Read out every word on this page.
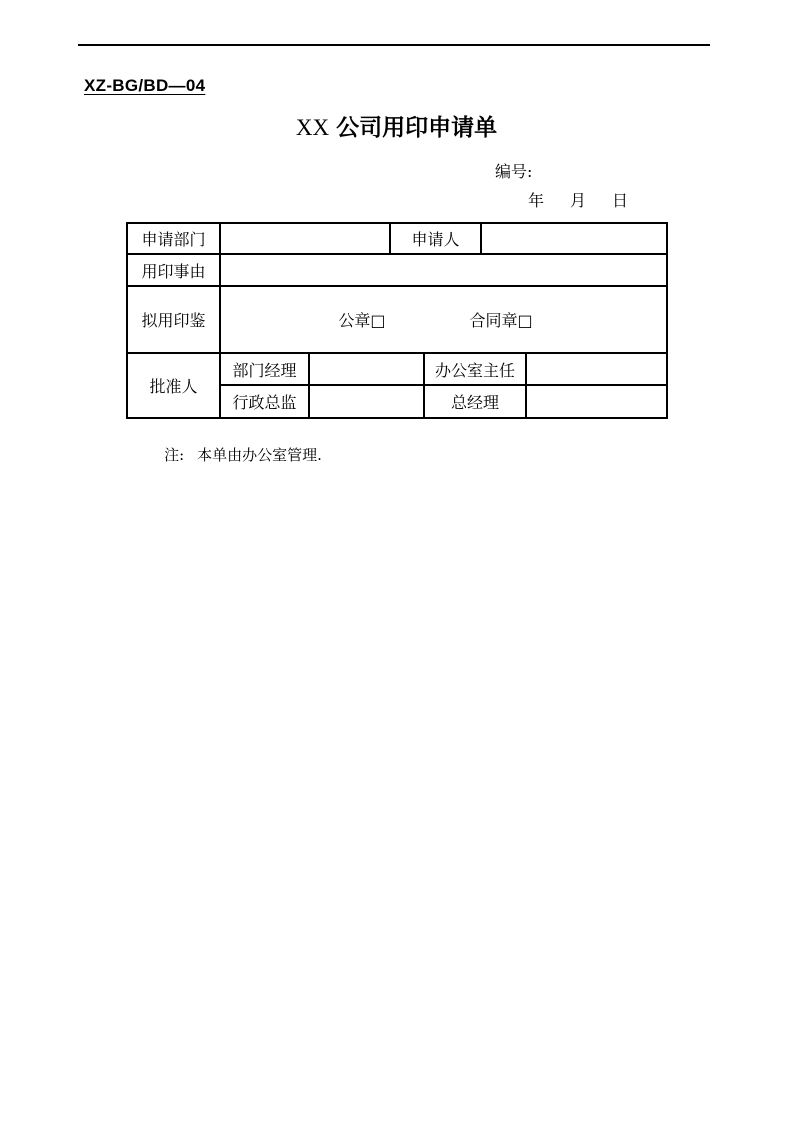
XZ-BG/BD—04
XX 公司用印申请单
编号:
年 月 日
申请部门			申请人			
用印事由						
拟用印鉴	公章□ 合同章□					

批准人	部门经理			办公室主任		
	行政总监			总经理		

注: 本单由办公室管理.
